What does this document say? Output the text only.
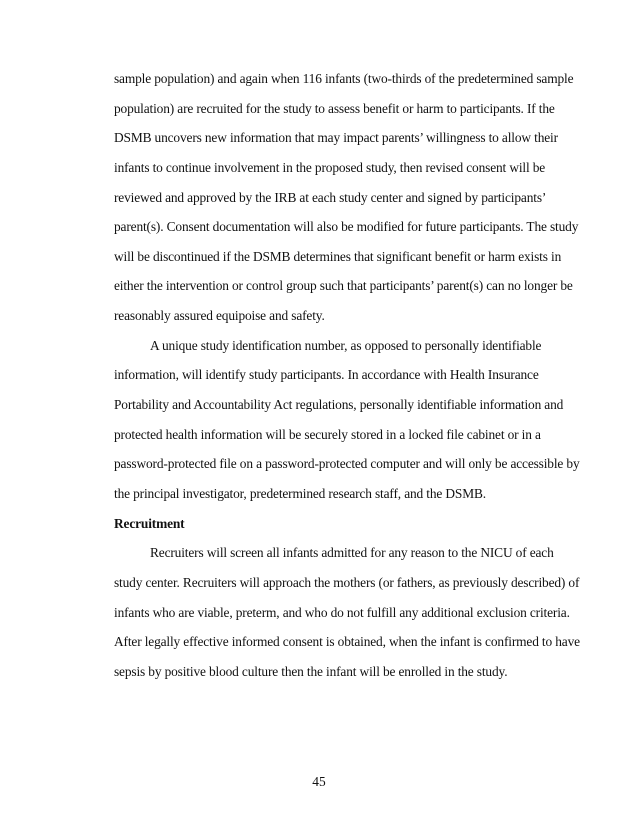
sample population) and again when 116 infants (two-thirds of the predetermined sample
population) are recruited for the study to assess benefit or harm to participants. If the
DSMB uncovers new information that may impact parents’ willingness to allow their
infants to continue involvement in the proposed study, then revised consent will be
reviewed and approved by the IRB at each study center and signed by participants’
parent(s). Consent documentation will also be modified for future participants. The study
will be discontinued if the DSMB determines that significant benefit or harm exists in
either the intervention or control group such that participants’ parent(s) can no longer be
reasonably assured equipoise and safety.
A unique study identification number, as opposed to personally identifiable
information, will identify study participants. In accordance with Health Insurance
Portability and Accountability Act regulations, personally identifiable information and
protected health information will be securely stored in a locked file cabinet or in a
password-protected file on a password-protected computer and will only be accessible by
the principal investigator, predetermined research staff, and the DSMB.
Recruitment
Recruiters will screen all infants admitted for any reason to the NICU of each
study center. Recruiters will approach the mothers (or fathers, as previously described) of
infants who are viable, preterm, and who do not fulfill any additional exclusion criteria.
After legally effective informed consent is obtained, when the infant is confirmed to have
sepsis by positive blood culture then the infant will be enrolled in the study.
45
